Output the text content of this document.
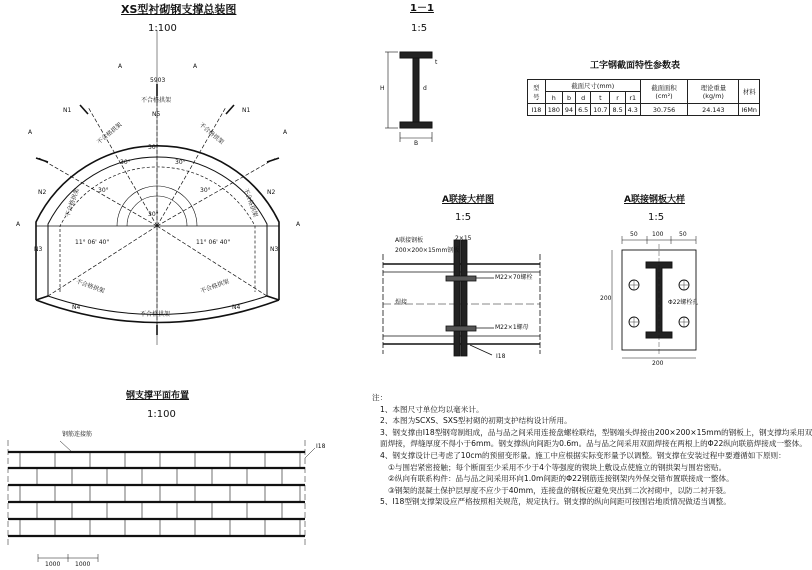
XS型衬砌钢支撑总装图
1:100
1－1
1:5
工字钢截面特性参数表
A联接大样图
1:5
A联接钢板大样
1:5
钢支撑平面布置
1:100
5903
N1	N1
N2	N2
N3	N3
N4	N4
N5
30°
30°	30°
30°	30°
30°
11° 06' 40"	11° 06' 40"
不合格拱架
不合格拱架	不合格拱架
不合格拱架	不合格拱架
不合格拱架	不合格拱架
不合格拱架
A	A
A	A
A	A
H
B
d
t
型号	截面尺寸(mm)						截面面积(cm²)	理论重量(kg/m)	材料
	h	b	d	t	r	r1			
I18	180	94	6.5	10.7	8.5	4.3	30.756	24.143	I6Mn
A联接钢板
200×200×15mm钢板
2×15
M22×70螺栓
M22×1螺母
I18
焊接
50 100	50
200
200
Φ22螺栓孔
钢筋连接筋
I18
1000 1000
注：
1、本图尺寸单位均以毫米计。
2、本图为SCXS、SXS型衬砌的初期支护结构设计所用。
3、钢支撑由I18型钢弯制组成，品与品之间采用连接盘螺栓联结，型钢端头焊接由200×200×15mm的钢板上，钢支撑均采用双
面焊接，焊缝厚度不得小于6mm。钢支撑纵向间距为0.6m。品与品之间采用双面焊接在两根上的Φ22纵向联筋焊接成一整体。
4、钢支撑设计已考虑了10cm的预留变形量。施工中应根据实际变形量予以调整。钢支撑在安装过程中要遵循如下原则：
①与围岩紧密接触；每个断面至少采用不少于4个等强度的锲块上敷设点使施立的钢拱架与围岩密贴。
②纵向有联系构件：品与品之间采用环向1.0m间距的Φ22钢筋连接钢架内外保交错布置联接成一整体。
③钢架的混凝土保护层厚度不应少于40mm，连接盘的钢板应避免突出到二次衬砌中，以防二衬开裂。
5、I18型钢支撑架设应严格按照相关规范，规定执行。钢支撑的纵向间距可按围岩地质情况做适当调整。
